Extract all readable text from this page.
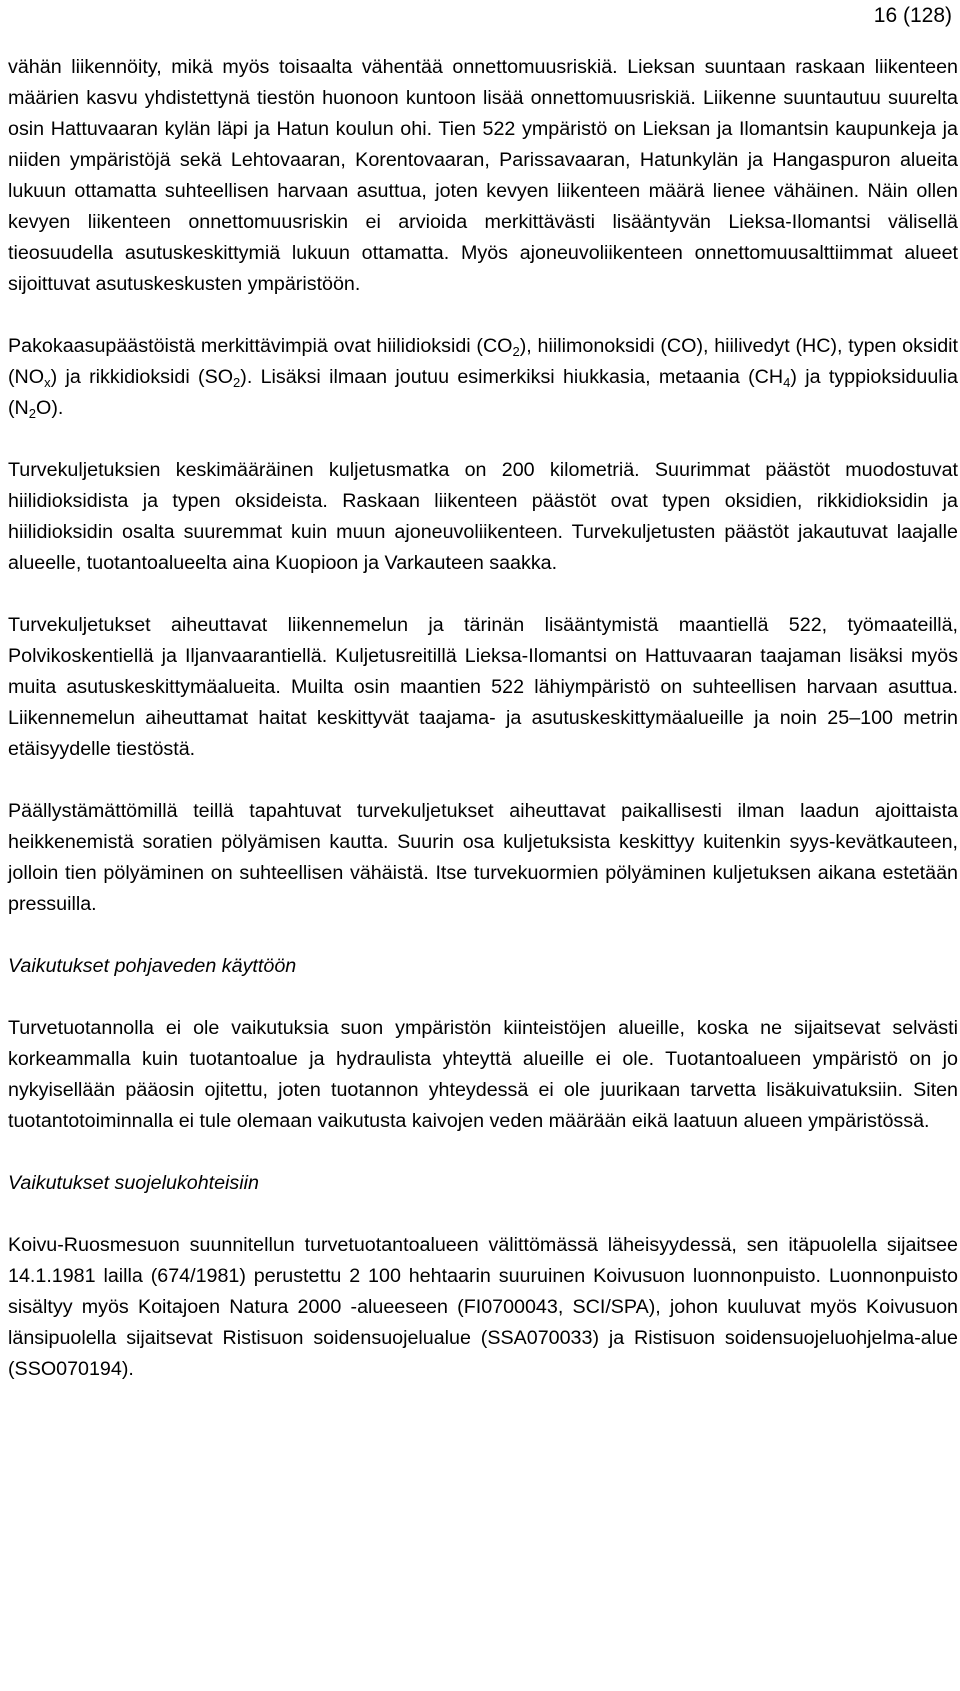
16 (128)

vähän liikennöity, mikä myös toisaalta vähentää onnettomuusriskiä. Lieksan suuntaan raskaan liikenteen määrien kasvu yhdistettynä tiestön huonoon kuntoon lisää onnettomuusriskiä. Liikenne suuntautuu suurelta osin Hattuvaaran kylän läpi ja Hatun koulun ohi. Tien 522 ympäristö on Lieksan ja Ilomantsin kaupunkeja ja niiden ympäristöjä sekä Lehtovaaran, Korentovaaran, Parissavaaran, Hatunkylän ja Hangaspuron alueita lukuun ottamatta suhteellisen harvaan asuttua, joten kevyen liikenteen määrä lienee vähäinen. Näin ollen kevyen liikenteen onnettomuusriskin ei arvioida merkittävästi lisääntyvän Lieksa-Ilomantsi välisellä tieosuudella asutuskeskittymiä lukuun ottamatta. Myös ajoneuvoliikenteen onnettomuusalttiimmat alueet sijoittuvat asutuskeskusten ympäristöön.

Pakokaasupäästöistä merkittävimpiä ovat hiilidioksidi $(CO_2)$, hiilimonoksidi (CO), hiilivedyt (HC), typen oksidit $(NO_x)$ ja rikkidioksidi $(SO_2)$. Lisäksi ilmaan joutuu esimerkiksi hiukkasia, metaania $(CH_4)$ ja typpioksiduulia $(N_2O)$.

Turvekuljetuksien keskimääräinen kuljetusmatka on 200 kilometriä. Suurimmat päästöt muodostuvat hiilidioksidista ja typen oksideista. Raskaan liikenteen päästöt ovat typen oksidien, rikkidioksidin ja hiilidioksidin osalta suuremmat kuin muun ajoneuvoliikenteen. Turvekuljetusten päästöt jakautuvat laajalle alueelle, tuotantoalueelta aina Kuopioon ja Varkauteen saakka.

Turvekuljetukset aiheuttavat liikennemelun ja tärinän lisääntymistä maantiellä 522, työmaateillä, Polvikoskentiellä ja Iljanvaarantiellä. Kuljetusreitillä Lieksa-Ilomantsi on Hattuvaaran taajaman lisäksi myös muita asutuskeskittymäalueita. Muilta osin maantien 522 lähiympäristö on suhteellisen harvaan asuttua. Liikennemelun aiheuttamat haitat keskittyvät taajama- ja asutuskeskittymäalueille ja noin 25–100 metrin etäisyydelle tiestöstä.

Päällystämättömillä teillä tapahtuvat turvekuljetukset aiheuttavat paikallisesti ilman laadun ajoittaista heikkenemistä soratien pölyämisen kautta. Suurin osa kuljetuksista keskittyy kuitenkin syys-kevätkauteen, jolloin tien pölyäminen on suhteellisen vähäistä. Itse turvekuormien pölyäminen kuljetuksen aikana estetään pressuilla.

Vaikutukset pohjaveden käyttöön

Turvetuotannolla ei ole vaikutuksia suon ympäristön kiinteistöjen alueille, koska ne sijaitsevat selvästi korkeammalla kuin tuotantoalue ja hydraulista yhteyttä alueille ei ole. Tuotantoalueen ympäristö on jo nykyisellään pääosin ojitettu, joten tuotannon yhteydessä ei ole juurikaan tarvetta lisäkuivatuksiin. Siten tuotantotoiminnalla ei tule olemaan vaikutusta kaivojen veden määrään eikä laatuun alueen ympäristössä.

Vaikutukset suojelukohteisiin

Koivu-Ruosmesuon suunnitellun turvetuotantoalueen välittömässä läheisyydessä, sen itäpuolella sijaitsee 14.1.1981 lailla (674/1981) perustettu 2 100 hehtaarin suuruinen Koivusuon luonnonpuisto. Luonnonpuisto sisältyy myös Koitajoen Natura 2000 -alueeseen (FI0700043, SCI/SPA), johon kuuluvat myös Koivusuon länsipuolella sijaitsevat Ristisuon soidensuojelualue (SSA070033) ja Ristisuon soidensuojeluohjelma-alue (SSO070194).
